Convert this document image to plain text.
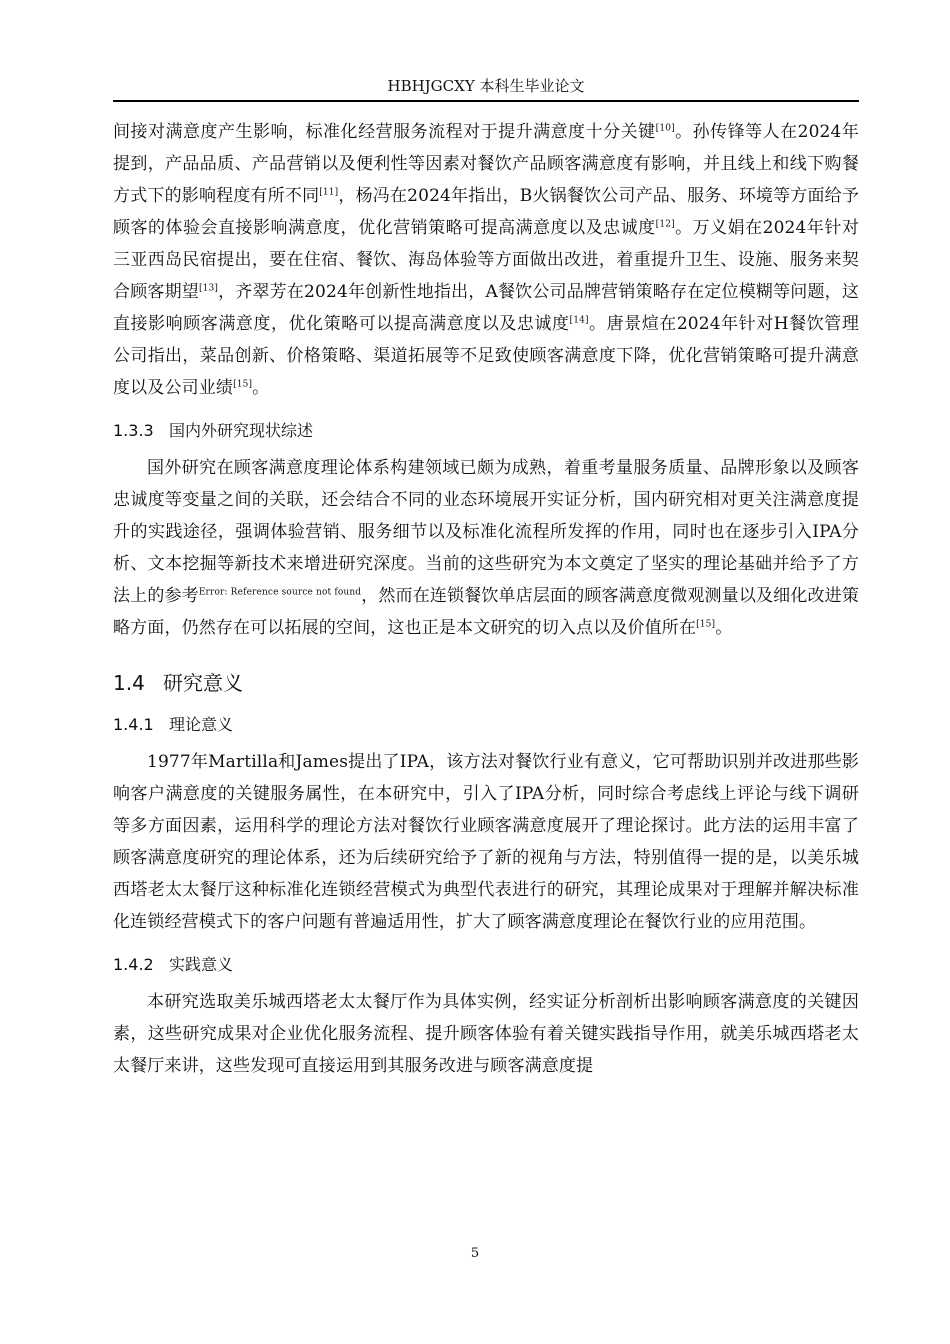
HBHJGCXY 本科生毕业论文

间接对满意度产生影响，标准化经营服务流程对于提升满意度十分关键[10]。孙传锋等人在2024年提到，产品品质、产品营销以及便利性等因素对餐饮产品顾客满意度有影响，并且线上和线下购餐方式下的影响程度有所不同[11]，杨冯在2024年指出，B火锅餐饮公司产品、服务、环境等方面给予顾客的体验会直接影响满意度，优化营销策略可提高满意度以及忠诚度[12]。万义娟在2024年针对三亚西岛民宿提出，要在住宿、餐饮、海岛体验等方面做出改进，着重提升卫生、设施、服务来契合顾客期望[13]，齐翠芳在2024年创新性地指出，A餐饮公司品牌营销策略存在定位模糊等问题，这直接影响顾客满意度，优化策略可以提高满意度以及忠诚度[14]。唐景煊在2024年针对H餐饮管理公司指出，菜品创新、价格策略、渠道拓展等不足致使顾客满意度下降，优化营销策略可提升满意度以及公司业绩[15]。

1.3.3 国内外研究现状综述

国外研究在顾客满意度理论体系构建领域已颇为成熟，着重考量服务质量、品牌形象以及顾客忠诚度等变量之间的关联，还会结合不同的业态环境展开实证分析，国内研究相对更关注满意度提升的实践途径，强调体验营销、服务细节以及标准化流程所发挥的作用，同时也在逐步引入IPA分析、文本挖掘等新技术来增进研究深度。当前的这些研究为本文奠定了坚实的理论基础并给予了方法上的参考$^{Error: Reference source not found}$，然而在连锁餐饮单店层面的顾客满意度微观测量以及细化改进策略方面，仍然存在可以拓展的空间，这也正是本文研究的切入点以及价值所在[15]。

1.4 研究意义
1.4.1 理论意义

1977年Martilla和James提出了IPA，该方法对餐饮行业有意义，它可帮助识别并改进那些影响客户满意度的关键服务属性，在本研究中，引入了IPA分析，同时综合考虑线上评论与线下调研等多方面因素，运用科学的理论方法对餐饮行业顾客满意度展开了理论探讨。此方法的运用丰富了顾客满意度研究的理论体系，还为后续研究给予了新的视角与方法，特别值得一提的是，以美乐城西塔老太太餐厅这种标准化连锁经营模式为典型代表进行的研究，其理论成果对于理解并解决标准化连锁经营模式下的客户问题有普遍适用性，扩大了顾客满意度理论在餐饮行业的应用范围。

1.4.2 实践意义

本研究选取美乐城西塔老太太餐厅作为具体实例，经实证分析剖析出影响顾客满意度的关键因素，这些研究成果对企业优化服务流程、提升顾客体验有着关键实践指导作用，就美乐城西塔老太太餐厅来讲，这些发现可直接运用到其服务改进与顾客满意度提

5
